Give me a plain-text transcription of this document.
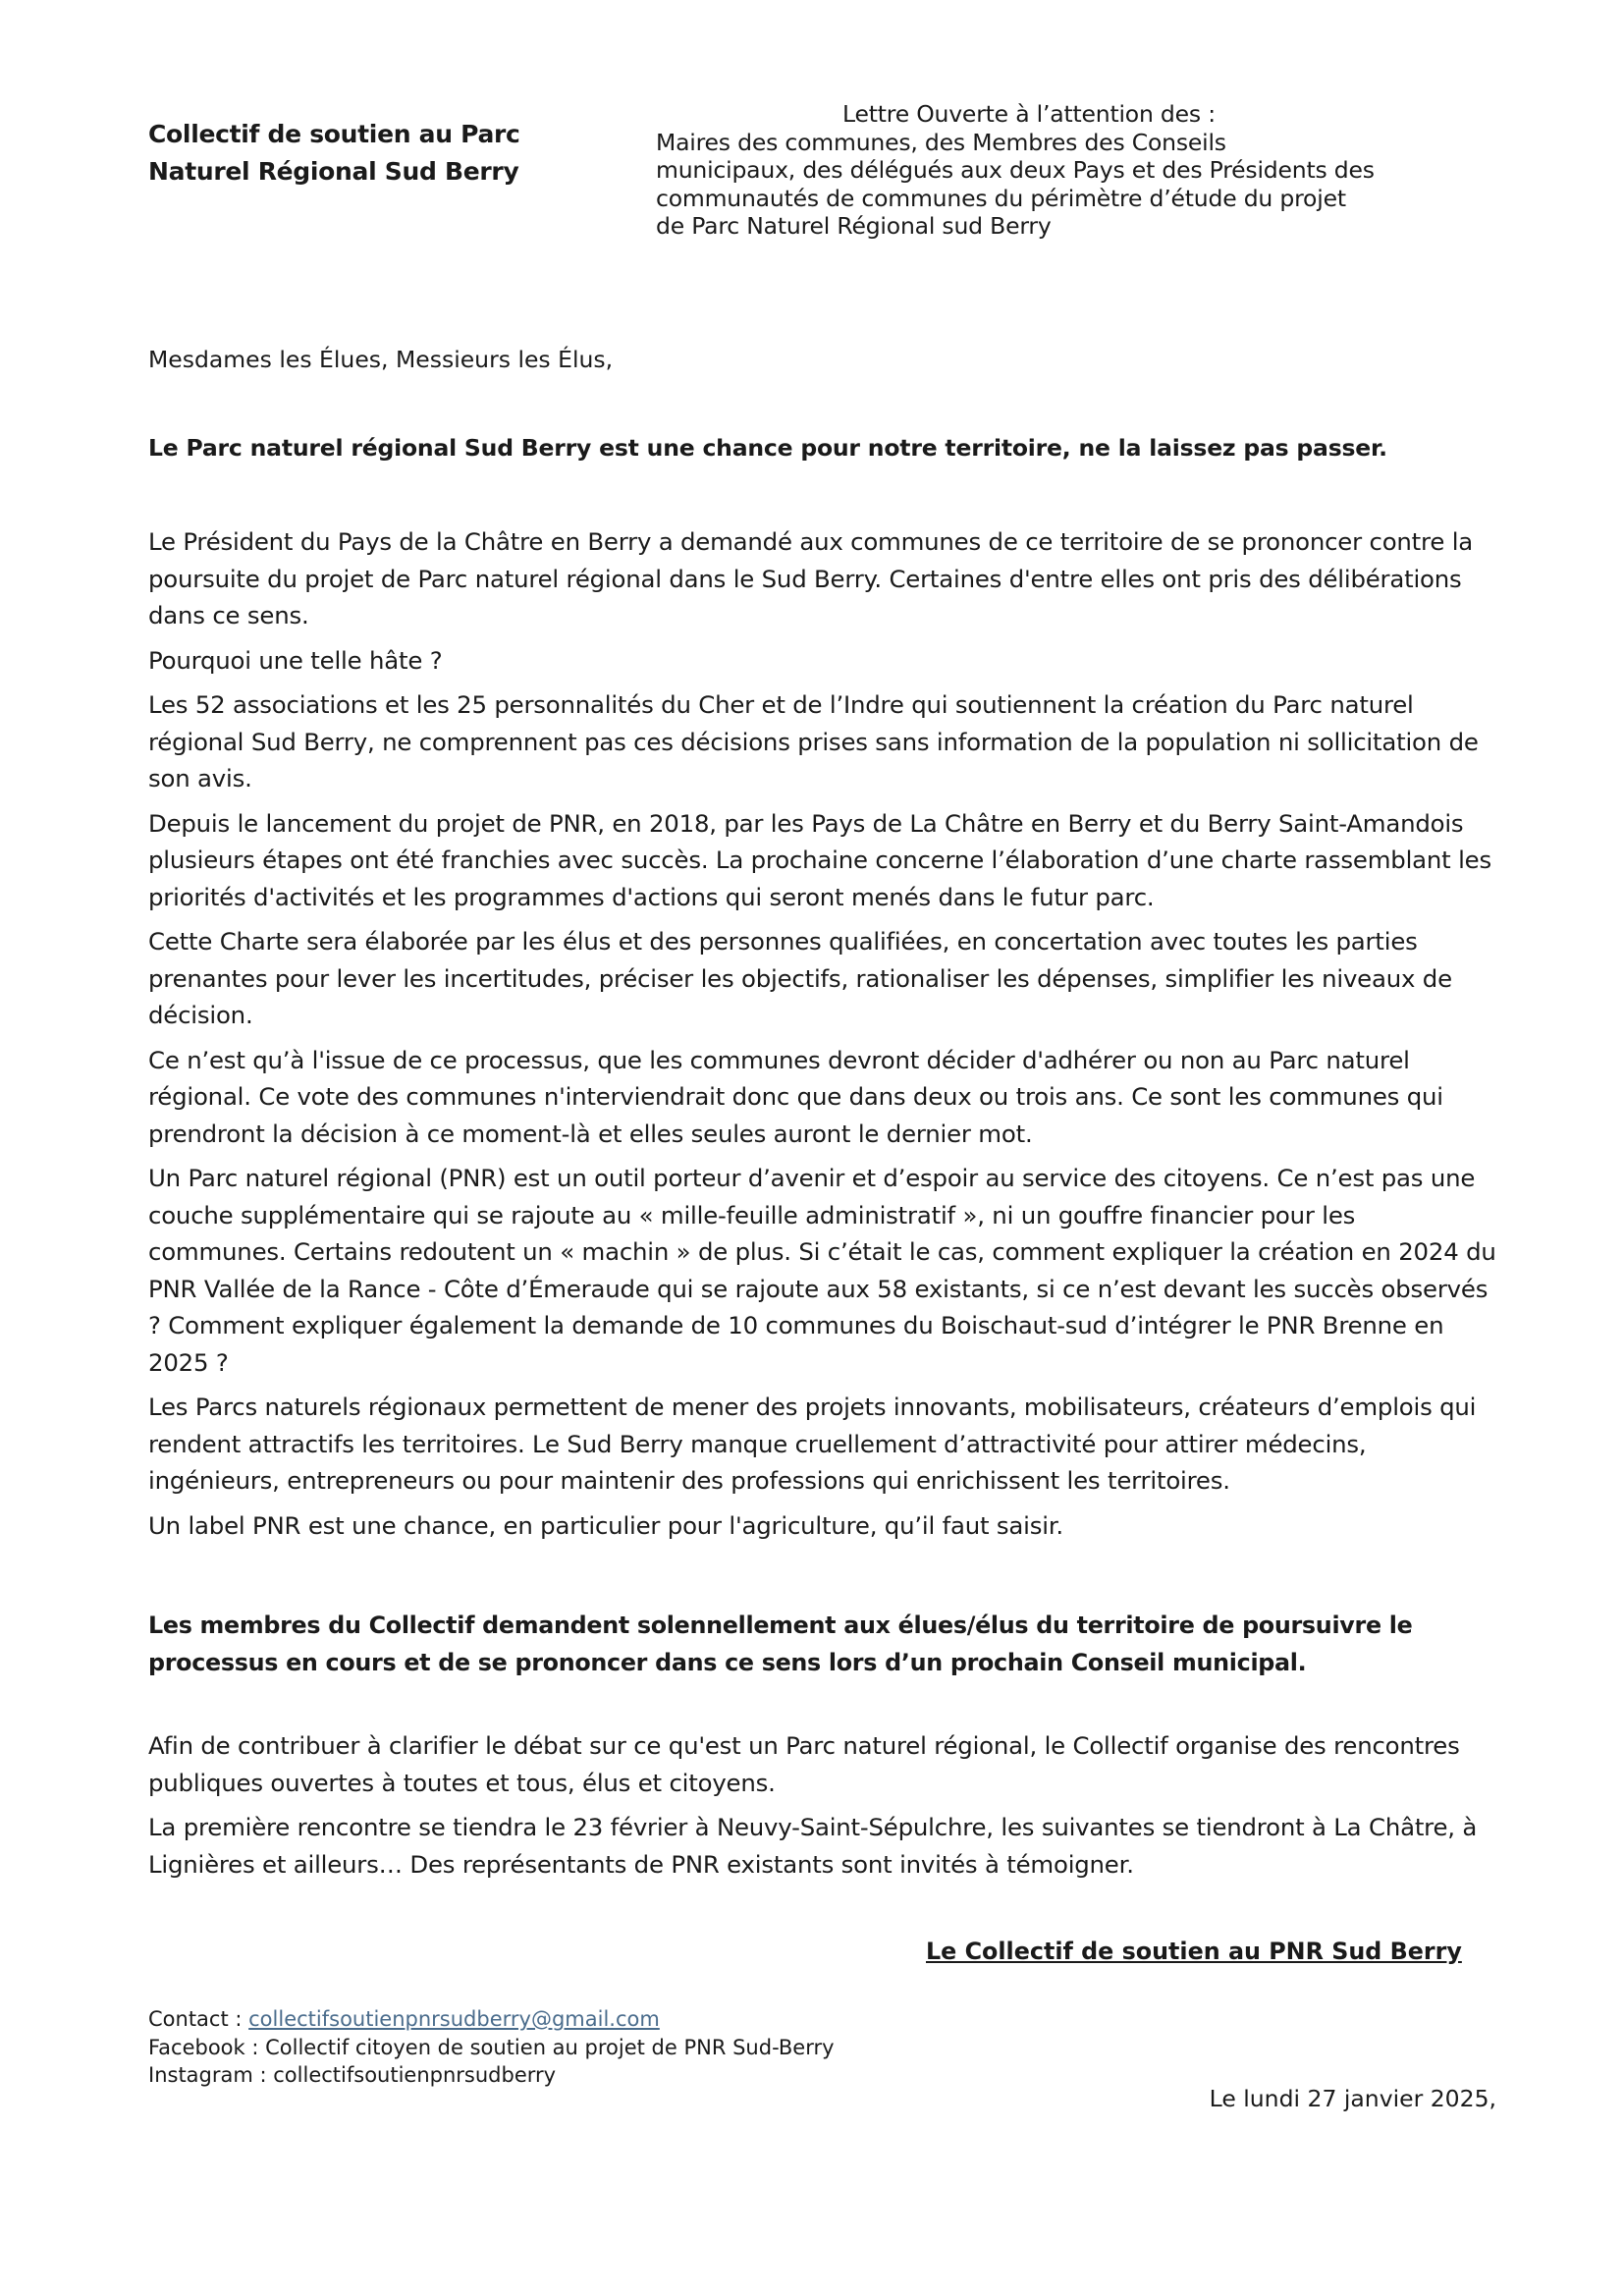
Collectif de soutien au Parc
Naturel Régional Sud Berry
Lettre Ouverte à l’attention des :
Maires des communes, des Membres des Conseils
municipaux, des délégués aux deux Pays et des Présidents des
communautés de communes du périmètre d’étude du projet
de Parc Naturel Régional sud Berry
Mesdames les Élues, Messieurs les Élus,
Le Parc naturel régional Sud Berry est une chance pour notre territoire, ne la laissez pas passer.

Le Président du Pays de la Châtre en Berry a demandé aux communes de ce territoire de se prononcer contre la poursuite du projet de Parc naturel régional dans le Sud Berry. Certaines d'entre elles ont pris des délibérations dans ce sens.

Pourquoi une telle hâte ?

Les 52 associations et les 25 personnalités du Cher et de l’Indre qui soutiennent la création du Parc naturel régional Sud Berry, ne comprennent pas ces décisions prises sans information de la population ni sollicitation de son avis.

Depuis le lancement du projet de PNR, en 2018, par les Pays de La Châtre en Berry et du Berry Saint-Amandois plusieurs étapes ont été franchies avec succès. La prochaine concerne l’élaboration d’une charte rassemblant les priorités d'activités et les programmes d'actions qui seront menés dans le futur parc.

Cette Charte sera élaborée par les élus et des personnes qualifiées, en concertation avec toutes les parties prenantes pour lever les incertitudes, préciser les objectifs, rationaliser les dépenses, simplifier les niveaux de décision.

Ce n’est qu’à l'issue de ce processus, que les communes devront décider d'adhérer ou non au Parc naturel régional. Ce vote des communes n'interviendrait donc que dans deux ou trois ans. Ce sont les communes qui prendront la décision à ce moment-là et elles seules auront le dernier mot.

Un Parc naturel régional (PNR) est un outil porteur d’avenir et d’espoir au service des citoyens. Ce n’est pas une couche supplémentaire qui se rajoute au « mille-feuille administratif », ni un gouffre financier pour les communes. Certains redoutent un « machin » de plus. Si c’était le cas, comment expliquer la création en 2024 du PNR Vallée de la Rance - Côte d’Émeraude qui se rajoute aux 58 existants, si ce n’est devant les succès observés ? Comment expliquer également la demande de 10 communes du Boischaut-sud d’intégrer le PNR Brenne en 2025 ?

Les Parcs naturels régionaux permettent de mener des projets innovants, mobilisateurs, créateurs d’emplois qui rendent attractifs les territoires. Le Sud Berry manque cruellement d’attractivité pour attirer médecins, ingénieurs, entrepreneurs ou pour maintenir des professions qui enrichissent les territoires.

Un label PNR est une chance, en particulier pour l'agriculture, qu’il faut saisir.

Les membres du Collectif demandent solennellement aux élues/élus du territoire de poursuivre le processus en cours et de se prononcer dans ce sens lors d’un prochain Conseil municipal.

Afin de contribuer à clarifier le débat sur ce qu'est un Parc naturel régional, le Collectif organise des rencontres publiques ouvertes à toutes et tous, élus et citoyens.

La première rencontre se tiendra le 23 février à Neuvy-Saint-Sépulchre, les suivantes se tiendront à La Châtre, à Lignières et ailleurs… Des représentants de PNR existants sont invités à témoigner.

Le Collectif de soutien au PNR Sud Berry
Contact : collectifsoutienpnrsudberry@gmail.com
Facebook : Collectif citoyen de soutien au projet de PNR Sud-Berry
Instagram : collectifsoutienpnrsudberry
Le lundi 27 janvier 2025,
